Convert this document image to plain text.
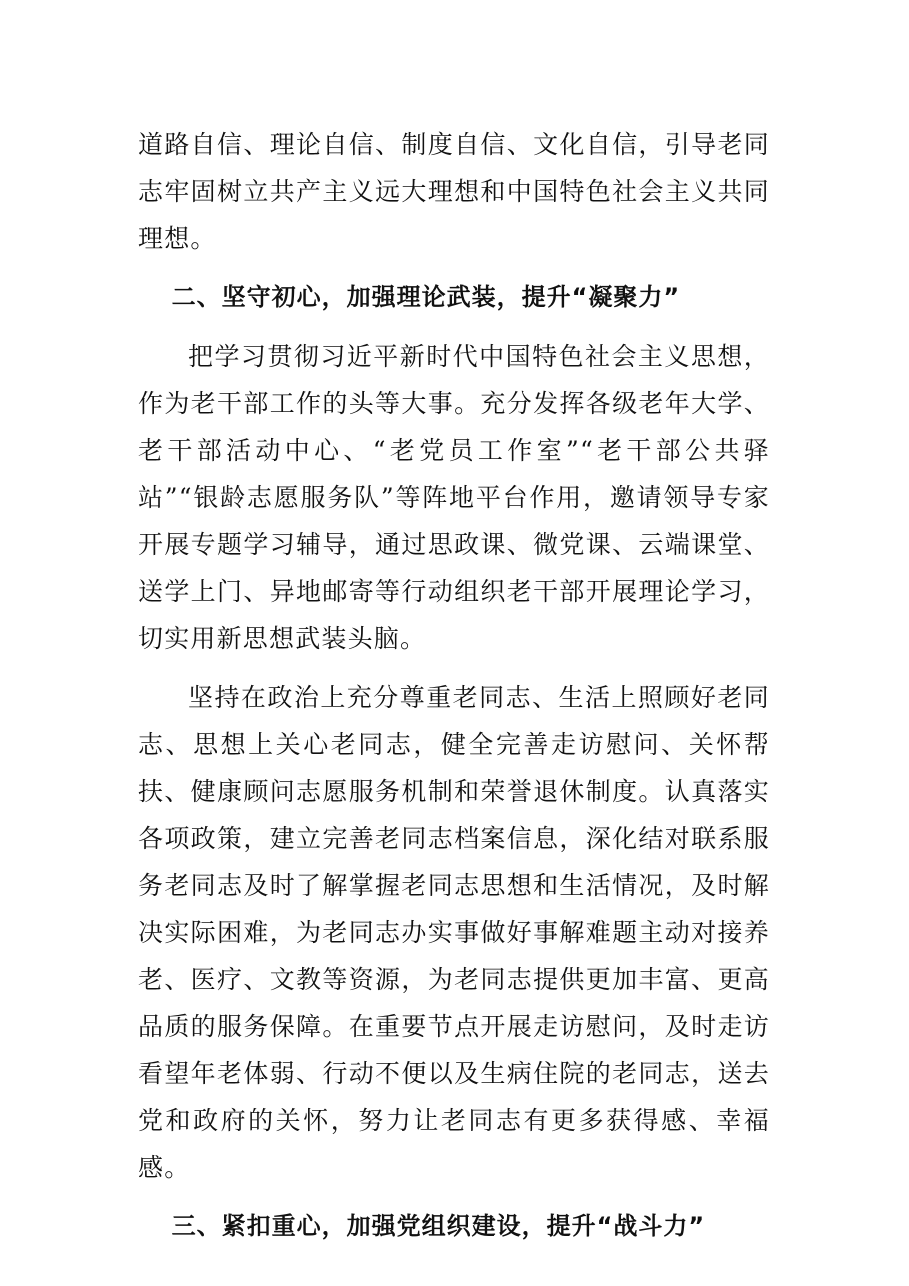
道路自信、理论自信、制度自信、文化自信，引导老同志牢固树立共产主义远大理想和中国特色社会主义共同理想。

二、坚守初心，加强理论武装，提升“凝聚力”

把学习贯彻习近平新时代中国特色社会主义思想，作为老干部工作的头等大事。充分发挥各级老年大学、老干部活动中心、“老党员工作室”“老干部公共驿站”“银龄志愿服务队”等阵地平台作用，邀请领导专家开展专题学习辅导，通过思政课、微党课、云端课堂、送学上门、异地邮寄等行动组织老干部开展理论学习，切实用新思想武装头脑。

坚持在政治上充分尊重老同志、生活上照顾好老同志、思想上关心老同志，健全完善走访慰问、关怀帮扶、健康顾问志愿服务机制和荣誉退休制度。认真落实各项政策，建立完善老同志档案信息，深化结对联系服务老同志及时了解掌握老同志思想和生活情况，及时解决实际困难，为老同志办实事做好事解难题主动对接养老、医疗、文教等资源，为老同志提供更加丰富、更高品质的服务保障。在重要节点开展走访慰问，及时走访看望年老体弱、行动不便以及生病住院的老同志，送去党和政府的关怀，努力让老同志有更多获得感、幸福感。

三、紧扣重心，加强党组织建设，提升“战斗力”
